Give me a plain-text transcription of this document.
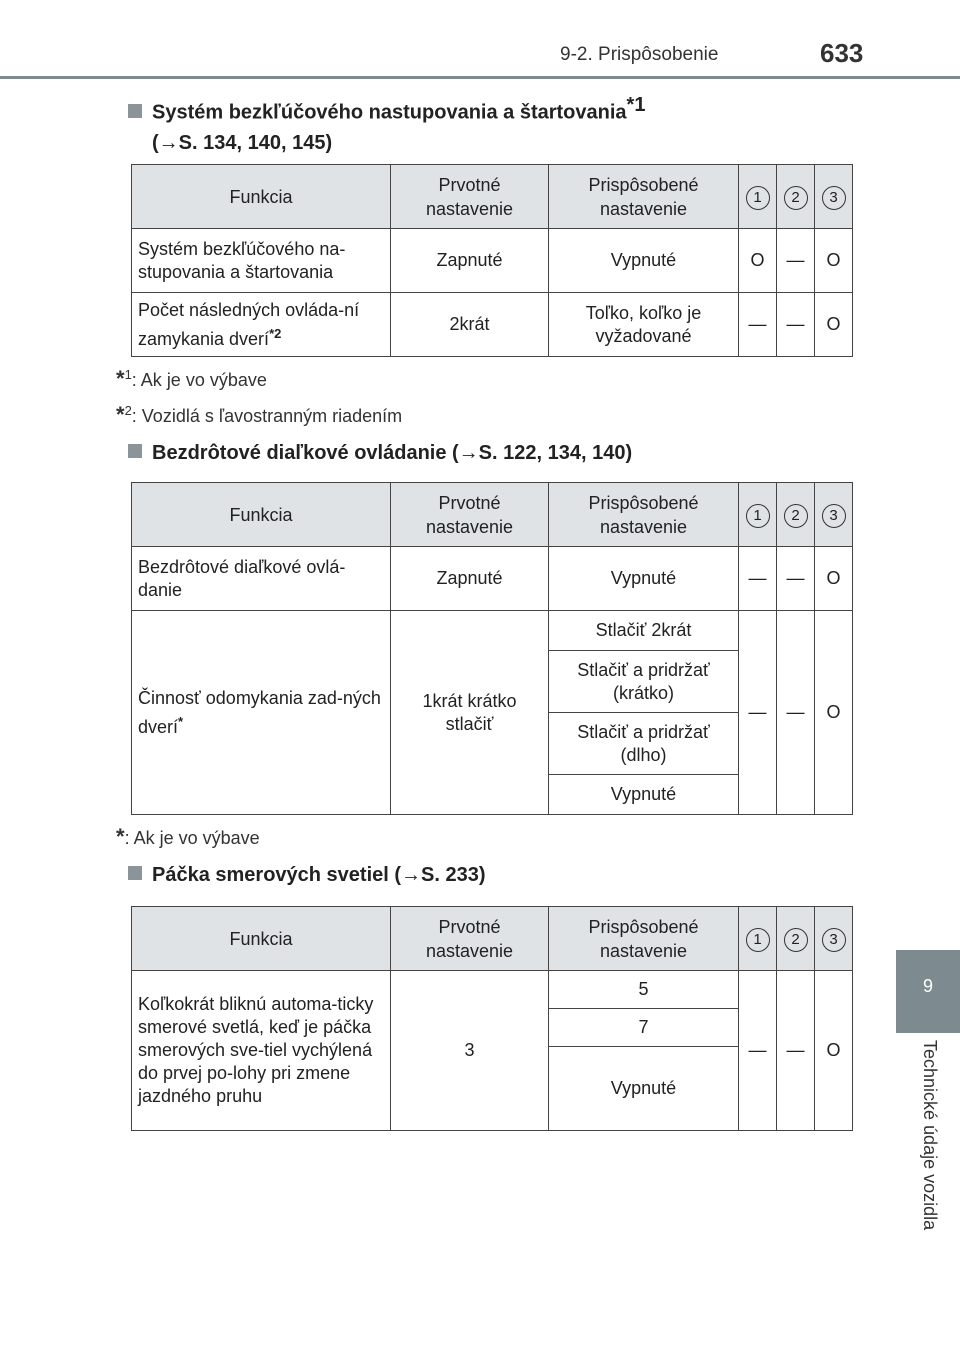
9-2. Prispôsobenie	633
9
Technické údaje vozidla
Systém bezkľúčového nastupovania a štartovania$^{*1}$
(→S. 134, 140, 145)
Funkcia	Prvotné nastavenie	Prispôsobené nastavenie	1	2	3
Systém bezkľúčového na-stupovania a štartovania	Zapnuté	Vypnuté	O	—	O
Počet následných ovláda-ní zamykania dverí$^{*2}$	2krát	Toľko, koľko je vyžadované	—	—	O
*$^1$: Ak je vo výbave
*$^2$: Vozidlá s ľavostranným riadením
Bezdrôtové diaľkové ovládanie (→S. 122, 134, 140)
Funkcia	Prvotné nastavenie	Prispôsobené nastavenie	1	2	3
Bezdrôtové diaľkové ovlá-danie	Zapnuté	Vypnuté	—	—	O
Činnosť odomykania zad-ných dverí*	1krát krátko stlačiť	Stlačiť 2krát	—	—	O
		Stlačiť a pridržať (krátko)			
		Stlačiť a pridržať (dlho)			
		Vypnuté			
*: Ak je vo výbave
Páčka smerových svetiel (→S. 233)
Funkcia	Prvotné nastavenie	Prispôsobené nastavenie	1	2	3
Koľkokrát bliknú automa-ticky smerové svetlá, keď je páčka smerových sve-tiel vychýlená do prvej po-lohy pri zmene jazdného pruhu	3	5	—	—	O
		7			
		Vypnuté			
